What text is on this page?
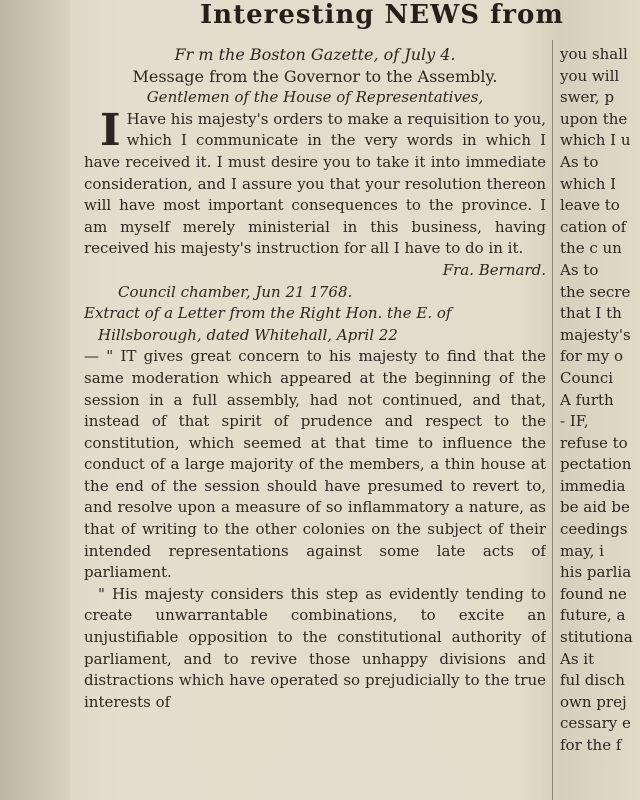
Interesting NEWS from

Fr m the Boston Gazette, of July 4.

Message from the Governor to the Assembly.

Gentlemen of the House of Representatives,

I Have his majesty's orders to make a requisition to you, which I communicate in the very words in which I have received it. I must desire you to take it into immediate consideration, and I assure you that your resolution thereon will have most important consequences to the province. I am myself merely ministerial in this business, having received his majesty's instruction for all I have to do in it.

Fra. Bernard.

Council chamber, Jun 21 1768.

Extract of a Letter from the Right Hon. the E. of Hillsborough, dated Whitehall, April 22

— " IT gives great concern to his majesty to find that the same moderation which appeared at the beginning of the session in a full assembly, had not continued, and that, instead of that spirit of prudence and respect to the constitution, which seemed at that time to influence the conduct of a large majority of the members, a thin house at the end of the session should have presumed to revert to, and resolve upon a measure of so inflammatory a nature, as that of writing to the other colonies on the subject of their intended representations against some late acts of parliament.

" His majesty considers this step as evidently tending to create unwarrantable combinations, to excite an unjustifiable opposition to the constitutional authority of parliament, and to revive those unhappy divisions and distractions which have operated so prejudicially to the true interests of

you shall
you will
swer, p
upon the
which I u
As to
which I
leave to
cation of
the c un
As to
the secre
that I th
majesty's
for my o
Counci
A furth
- IF,
refuse to
pectation
immedia
be aid be
ceedings
may, i
his parlia
found ne
future, a
stitutiona
As it
ful disch
own prej
cessary e
for the f
